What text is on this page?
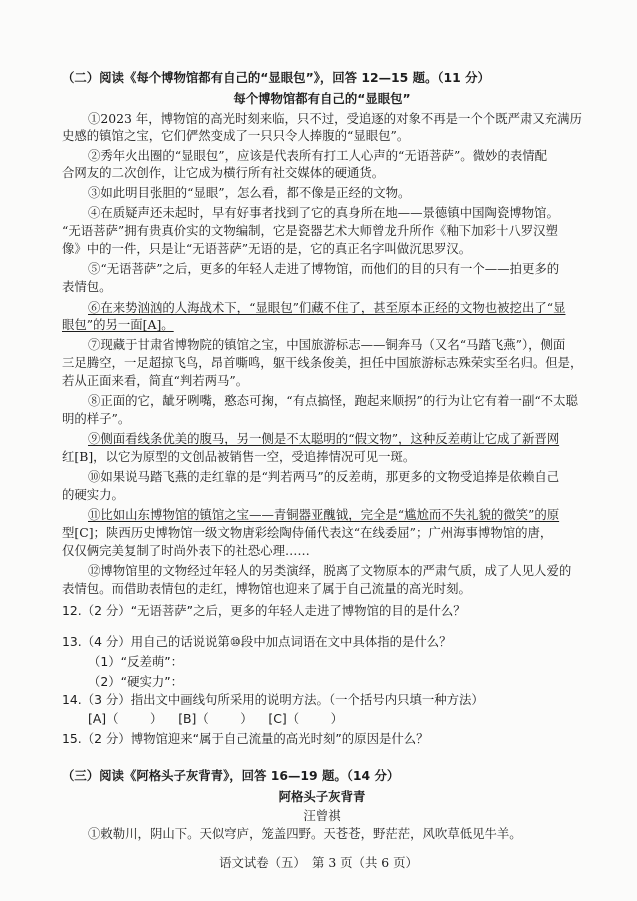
（二）阅读《每个博物馆都有自己的“显眼包”》，回答 12—15 题。（11 分）
每个博物馆都有自己的“显眼包”
①2023 年，博物馆的高光时刻来临，只不过，受追逐的对象不再是一个个既严肃又充满历
史感的镇馆之宝，它们俨然变成了一只只令人捧腹的“显眼包”。
②秀年火出圈的“显眼包”，应该是代表所有打工人心声的“无语菩萨”。微妙的表情配
合网友的二次创作，让它成为横行所有社交媒体的硬通货。
③如此明目张胆的“显眼”，怎么看，都不像是正经的文物。
④在质疑声还未起时，早有好事者找到了它的真身所在地——景德镇中国陶瓷博物馆。
“无语菩萨”拥有贵真价实的文物编制，它是瓷器艺术大师曾龙升所作《釉下加彩十八罗汉塑
像》中的一件，只是让“无语菩萨”无语的是，它的真正名字叫做沉思罗汉。
⑤“无语菩萨”之后，更多的年轻人走进了博物馆，而他们的目的只有一个——拍更多的
表情包。
⑥在来势汹汹的人海战术下，“显眼包”们藏不住了，甚至原本正经的文物也被挖出了“显
眼包”的另一面[A]。
⑦现藏于甘肃省博物院的镇馆之宝，中国旅游标志——铜奔马（又名“马踏飞燕”），侧面
三足腾空，一足超掠飞鸟，昂首嘶鸣，躯干线条俊美，担任中国旅游标志殊荣实至名归。但是，
若从正面来看，简直“判若两马”。
⑧正面的它，龇牙咧嘴，憨态可掬，“有点搞怪，跑起来顺拐”的行为让它有着一副“不太聪
明的样子”。
⑨侧面看线条优美的腹马，另一侧是不太聪明的“假文物”，这种反差萌让它成了新晋网
红[B]，以它为原型的文创品被销售一空，受追捧情况可见一斑。
⑩如果说马踏飞燕的走红靠的是“判若两马”的反差萌，那更多的文物受追捧是依赖自己
的硬实力。
⑪比如山东博物馆的镇馆之宝——青铜器亚醜钺，完全是“尴尬而不失礼貌的微笑”的原
型[C]；陕西历史博物馆一级文物唐彩绘陶侍俑代表这“在线委屈”；广州海事博物馆的唐，
仅仅俩完美复制了时尚外表下的社恐心理……
⑫博物馆里的文物经过年轻人的另类演绎，脱离了文物原本的严肃气质，成了人见人爱的
表情包。而借助表情包的走红，博物馆也迎来了属于自己流量的高光时刻。
12.（2 分）“无语菩萨”之后，更多的年轻人走进了博物馆的目的是什么？
13.（4 分）用自己的话说说第⑩段中加点词语在文中具体指的是什么？
（1）“反差萌”：
（2）“硬实力”：
14.（3 分）指出文中画线句所采用的说明方法。（一个括号内只填一种方法）
[A]（        ）    [B]（        ）    [C]（        ）
15.（2 分）博物馆迎来“属于自己流量的高光时刻”的原因是什么？
（三）阅读《阿格头子灰背青》，回答 16—19 题。（14 分）
阿格头子灰背青
汪曾祺
①敕勒川，阴山下。天似穹庐，笼盖四野。天苍苍，野茫茫，风吹草低见牛羊。
语文试卷（五）　第 3 页（共 6 页）
